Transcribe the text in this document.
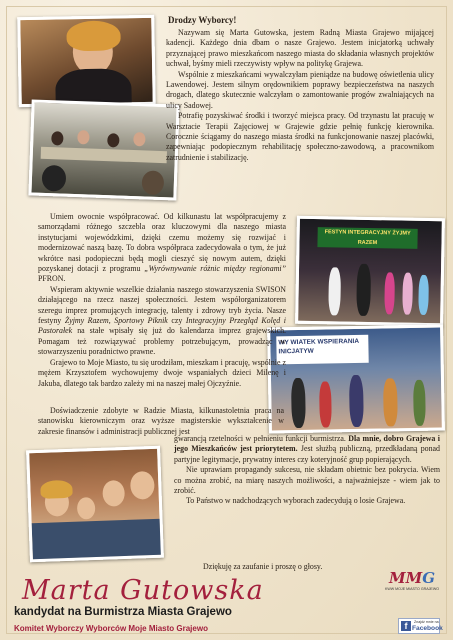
FESTYN INTEGRACYJNY ŻYJMY RAZEM
WY WIATEK WSPIERANIA INICJATYW
Drodzy Wyborcy!

Nazywam się Marta Gutowska, jestem Radną Miasta Grajewo mijającej kadencji. Każdego dnia dbam o nasze Grajewo. Jestem inicjatorką uchwały przyznającej prawo mieszkańcom naszego miasta do składania własnych projektów uchwał, byśmy mieli rzeczywisty wpływ na politykę Grajewa.

Wspólnie z mieszkańcami wywalczyłam pieniądze na budowę oświetlenia ulicy Lawendowej. Jestem silnym orędownikiem poprawy bezpieczeństwa na naszych drogach, dlatego skutecznie walczyłam o zamontowanie progów zwalniających na ulicy Sadowej.

Potrafię pozyskiwać środki i tworzyć miejsca pracy. Od trzynastu lat pracuję w Warsztacie Terapii Zajęciowej w Grajewie gdzie pełnię funkcję kierownika. Corocznie ściągamy do naszego miasta środki na funkcjonowanie naszej placówki, zapewniając podopiecznym rehabilitację społeczno-zawodową, a pracownikom zatrudnienie i stabilizację.

Umiem owocnie współpracować. Od kilkunastu lat współpracujemy z samorządami różnego szczebla oraz kluczowymi dla naszego miasta instytucjami wojewódzkimi, dzięki czemu możemy się rozwijać i modernizować naszą bazę. To dobra współpraca zadecydowała o tym, że już wkrótce nasi podopieczni będą mogli cieszyć się nowym autem, dzięki pozyskanej dotacji z programu „Wyrównywanie różnic między regionami” PFRON.

Wspieram aktywnie wszelkie działania naszego stowarzyszenia SWISON działającego na rzecz naszej społeczności. Jestem współorganizatorem szeregu imprez promujących integrację, talenty i zdrowy tryb życia. Nasze festyny Żyjmy Razem, Sportowy Piknik czy Integracyjny Przegląd Kolęd i Pastorałek na stałe wpisały się już do kalendarza imprez grajewskich. Pomagam też rozwiązywać problemy potrzebującym, prowadząc w stowarzyszeniu poradnictwo prawne.

Grajewo to Moje Miasto, tu się urodziłam, mieszkam i pracuję, wspólnie z mężem Krzysztofem wychowujemy dwoje wspaniałych dzieci Milenę i Jakuba, dlatego tak bardzo zależy mi na naszej małej Ojczyźnie.

Doświadczenie zdobyte w Radzie Miasta, kilkunastoletnia praca na stanowisku kierowniczym oraz wyższe magisterskie wykształcenie w zakresie finansów i administracji publicznej jest

gwarancją rzetelności w pełnieniu funkcji burmistrza. Dla mnie, dobro Grajewa i jego Mieszkańców jest priorytetem. Jest służbą publiczną, przedkładaną ponad partyjne legitymacje, prywatny interes czy koteryjność grup popierających.

Nie uprawiam propagandy sukcesu, nie składam obietnic bez pokrycia. Wiem co można zrobić, na miarę naszych możliwości, a najważniejsze - wiem jak to zrobić.

To Państwo w nadchodzących wyborach zadecydują o losie Grajewa.

Dziękuję za zaufanie i proszę o głosy.
Marta Gutowska
kandydat na Burmistrza Miasta Grajewo
Komitet Wyborczy Wyborców Moje Miasto Grajewo
MMG
KWW MOJE MIASTO GRAJEWO
f	Znajdź mnie na
Facebook
